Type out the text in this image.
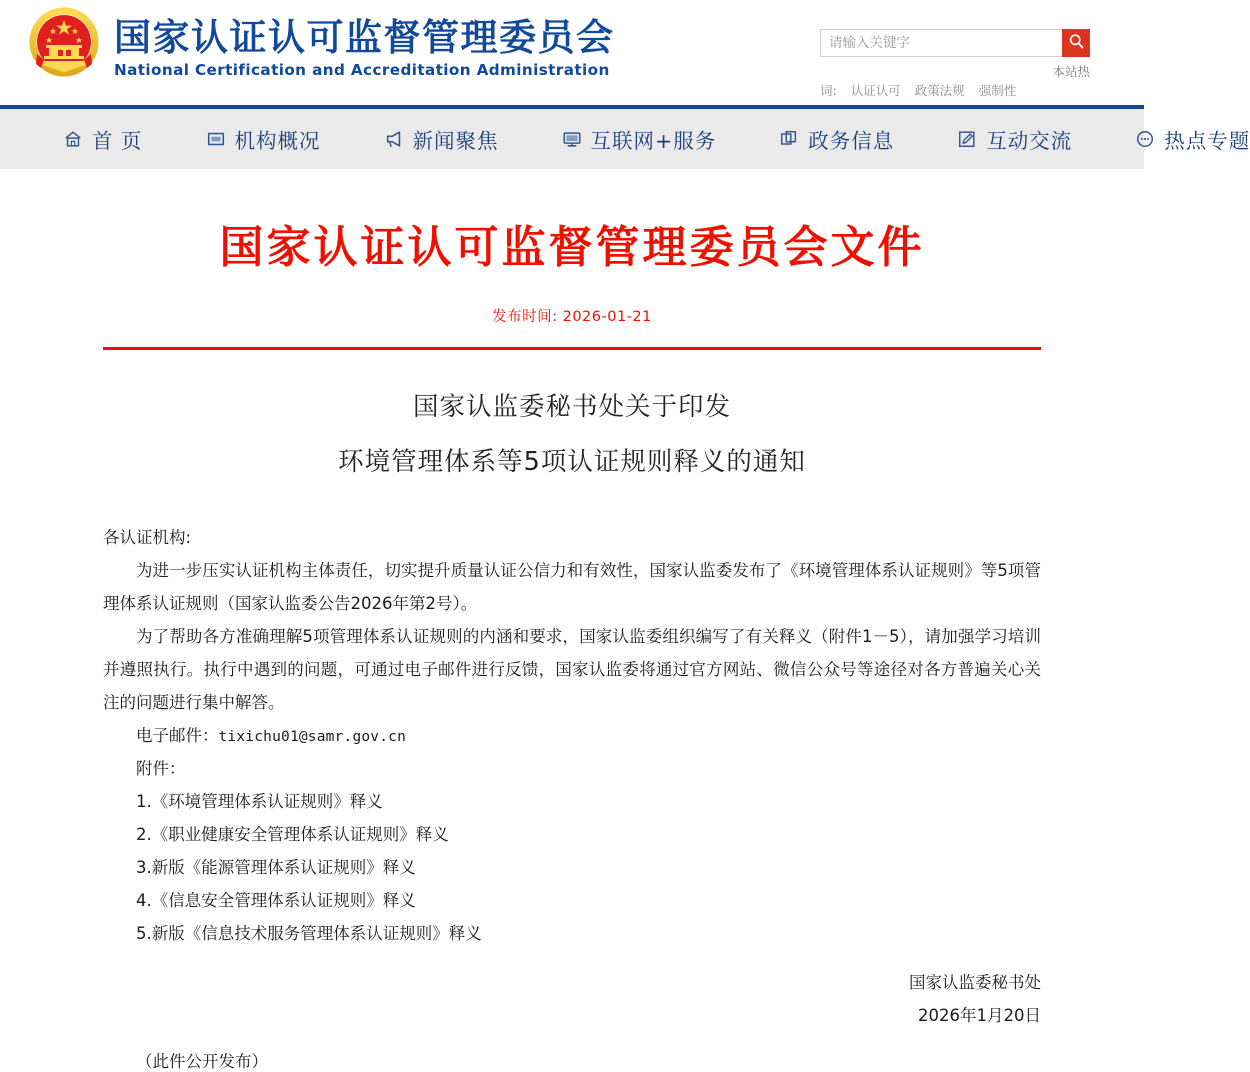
国家认证认可监督管理委员会
National Certification and Accreditation Administration
请输入关键字	本站热
词: 认证认可 政策法规 强制性
首 页	机构概况	新闻聚焦	互联网+服务	政务信息	互动交流	热点专题
国家认证认可监督管理委员会文件
发布时间: 2026-01-21
国家认监委秘书处关于印发
环境管理体系等5项认证规则释义的通知

各认证机构:

为进一步压实认证机构主体责任，切实提升质量认证公信力和有效性，国家认监委发布了《环境管理体系认证规则》等5项管理体系认证规则（国家认监委公告2026年第2号）。

为了帮助各方准确理解5项管理体系认证规则的内涵和要求，国家认监委组织编写了有关释义（附件1－5），请加强学习培训并遵照执行。执行中遇到的问题，可通过电子邮件进行反馈，国家认监委将通过官方网站、微信公众号等途径对各方普遍关心关注的问题进行集中解答。

电子邮件：tixichu01@samr.gov.cn

附件：

1.《环境管理体系认证规则》释义

2.《职业健康安全管理体系认证规则》释义

3.新版《能源管理体系认证规则》释义

4.《信息安全管理体系认证规则》释义

5.新版《信息技术服务管理体系认证规则》释义

国家认监委秘书处
2026年1月20日
（此件公开发布）
